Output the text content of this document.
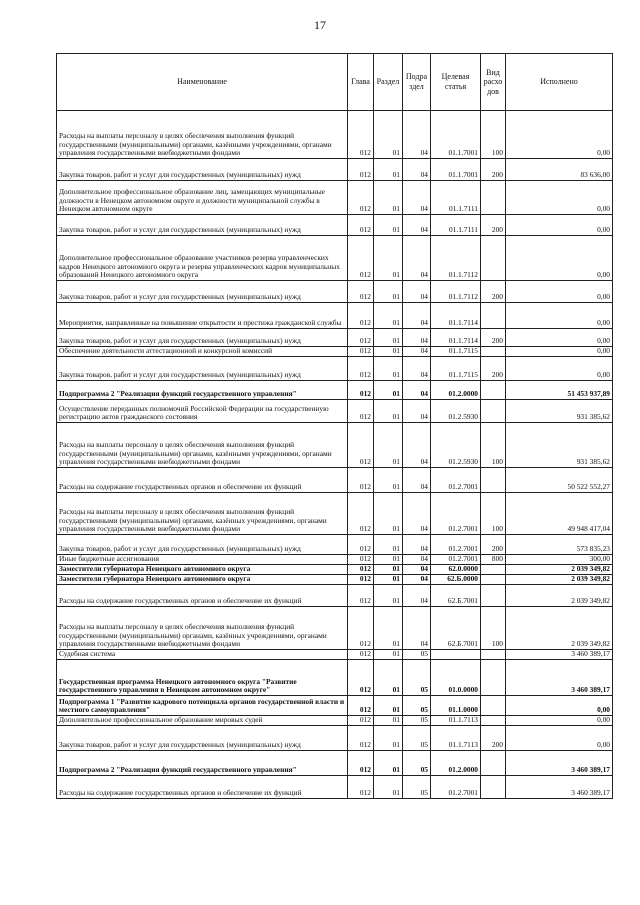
17
Наименование	Глава	Раздел	Подра здел	Целевая статья	Вид расхо дов	Исполнено
Расходы на выплаты персоналу в целях обеспечения выполнения функций государственными (муниципальными) органами, казёнными учреждениями, органами управления государственными внебюджетными фондами	012	01	04	01.1.7001	100	0,00
Закупка товаров, работ и услуг для государственных (муниципальных) нужд	012	01	04	01.1.7001	200	83 636,00
Дополнительное профессиональное образование лиц, замещающих муниципальные должности в Ненецком автономном округе и должности муниципальной службы в Ненецком автономном округе	012	01	04	01.1.7111		0,00
Закупка товаров, работ и услуг для государственных (муниципальных) нужд	012	01	04	01.1.7111	200	0,00
Дополнительное профессиональное образование участников резерва управленческих кадров Ненецкого автономного округа и резерва управленческих кадров муниципальных образований Ненецкого автономного округа	012	01	04	01.1.7112		0,00
Закупка товаров, работ и услуг для государственных (муниципальных) нужд	012	01	04	01.1.7112	200	0,00
Мероприятия, направленные на повышение открытости и престижа гражданской службы	012	01	04	01.1.7114		0,00
Закупка товаров, работ и услуг для государственных (муниципальных) нужд	012	01	04	01.1.7114	200	0,00
Обеспечение деятельности аттестационной и конкурсной комиссий	012	01	04	01.1.7115		0,00
Закупка товаров, работ и услуг для государственных (муниципальных) нужд	012	01	04	01.1.7115	200	0,00
Подпрограмма 2 "Реализация функций государственного управления"	012	01	04	01.2.0000		51 453 937,89
Осуществление переданных полномочий Российской Федерации на государственную регистрацию актов гражданского состояния	012	01	04	01.2.5930		931 385,62
Расходы на выплаты персоналу в целях обеспечения выполнения функций государственными (муниципальными) органами, казёнными учреждениями, органами управления государственными внебюджетными фондами	012	01	04	01.2.5930	100	931 385,62
Расходы на содержание государственных органов и обеспечение их функций	012	01	04	01.2.7001		50 522 552,27
Расходы на выплаты персоналу в целях обеспечения выполнения функций государственными (муниципальными) органами, казённых учреждениями, органами управления государственными внебюджетными фондами	012	01	04	01.2.7001	100	49 948 417,04
Закупка товаров, работ и услуг для государственных (муниципальных) нужд	012	01	04	01.2.7001	200	573 835,23
Иные бюджетные ассигнования	012	01	04	01.2.7001	800	300,00
Заместители губернатора Ненецкого автономного округа	012	01	04	62.0.0000		2 039 349,82
Заместители губернатора Ненецкого автономного округа	012	01	04	62.Б.0000		2 039 349,82
Расходы на содержание государственных органов и обеспечение их функций	012	01	04	62.Б.7001		2 039 349,82
Расходы на выплаты персоналу в целях обеспечения выполнения функций государственными (муниципальными) органами, казённых учреждениями, органами управления государственными внебюджетными фондами	012	01	04	62.Б.7001	100	2 039 349,82
Судебная система	012	01	05			3 460 389,17
Государственная программа Ненецкого автономного округа "Развитие государственного управления в Ненецком автономном округе"	012	01	05	01.0.0000		3 460 389,17
Подпрограмма 1 "Развитие кадрового потенциала органов государственной власти и местного самоуправления"	012	01	05	01.1.0000		0,00
Дополнительное профессиональное образование мировых судей	012	01	05	01.1.7113		0,00
Закупка товаров, работ и услуг для государственных (муниципальных) нужд	012	01	05	01.1.7113	200	0,00
Подпрограмма 2 "Реализация функций государственного управления"	012	01	05	01.2.0000		3 460 389,17
Расходы на содержание государственных органов и обеспечение их функций	012	01	05	01.2.7001		3 460 389,17
